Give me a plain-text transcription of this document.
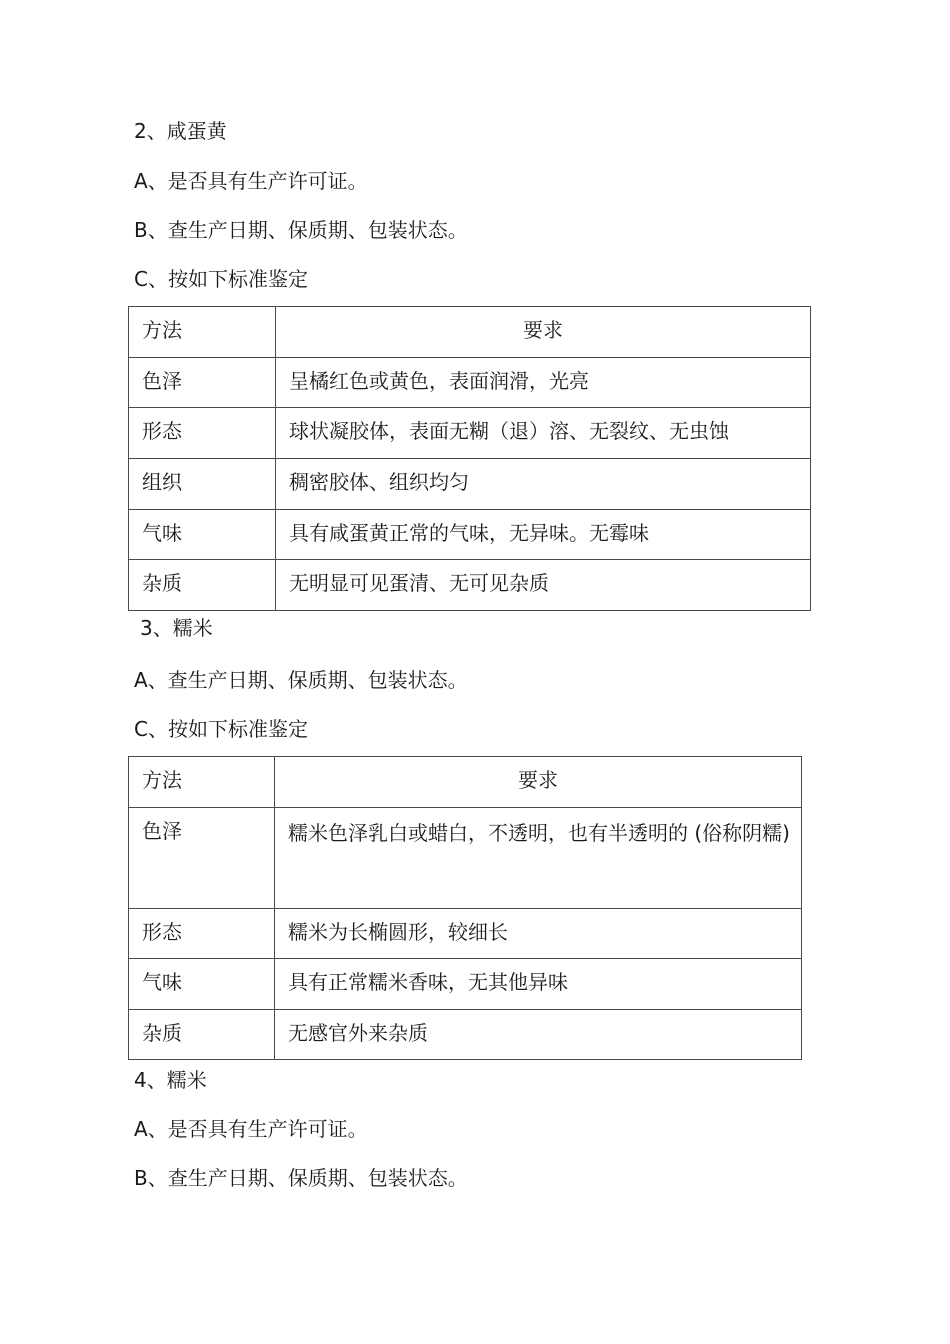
2、咸蛋黄
A、是否具有生产许可证。
B、查生产日期、保质期、包装状态。
C、按如下标准鉴定
方法	要求

色泽	呈橘红色或黄色，表面润滑，光亮

形态	球状凝胶体，表面无糊（退）溶、无裂纹、无虫蚀

组织	稠密胶体、组织均匀

气味	具有咸蛋黄正常的气味，无异味。无霉味

杂质	无明显可见蛋清、无可见杂质
3、糯米
A、查生产日期、保质期、包装状态。
C、按如下标准鉴定
方法	要求

色泽	糯米色泽乳白或蜡白，不透明，也有半透明的 (俗称阴糯)

形态	糯米为长椭圆形，较细长

气味	具有正常糯米香味，无其他异味

杂质	无感官外来杂质
4、糯米
A、是否具有生产许可证。
B、查生产日期、保质期、包装状态。
